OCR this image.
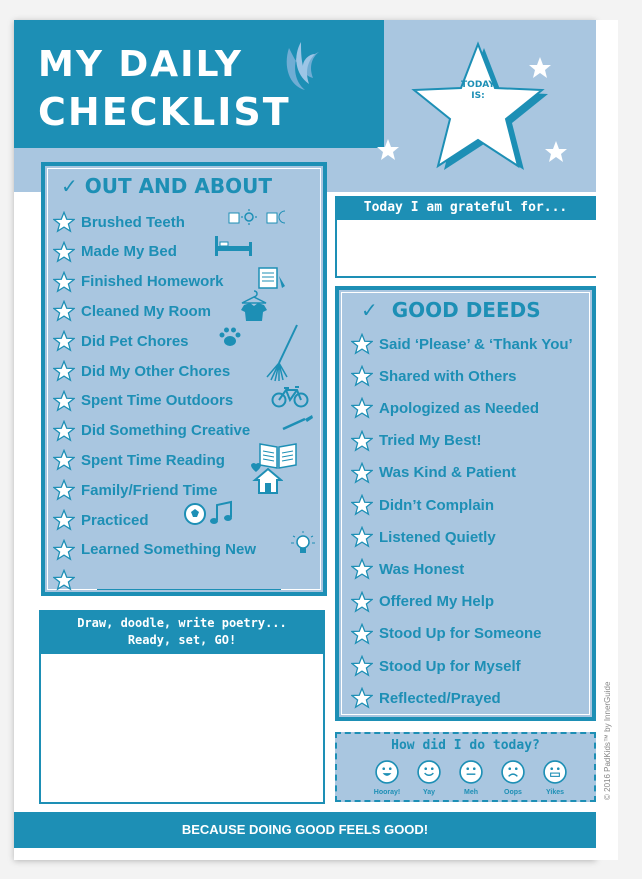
MY DAILY
CHECKLIST
TODAY
IS:
✓ OUT AND ABOUT
Brushed Teeth
Made My Bed
Finished Homework
Cleaned My Room
Did Pet Chores
Did My Other Chores
Spent Time Outdoors
Did Something Creative
Spent Time Reading
Family/Friend Time
Practiced
Learned Something New
Today I am grateful for...
✓ GOOD DEEDS
Said ‘Please’ & ‘Thank You’
Shared with Others
Apologized as Needed
Tried My Best!
Was Kind & Patient
Didn’t Complain
Listened Quietly
Was Honest
Offered My Help
Stood Up for Someone
Stood Up for Myself
Reflected/Prayed
Draw, doodle, write poetry...
Ready, set, GO!
How did I do today?
Hooray!	Yay	Meh	Oops	Yikes
BECAUSE DOING GOOD FEELS GOOD!
© 2016 PadKids™ by InnerGuide
